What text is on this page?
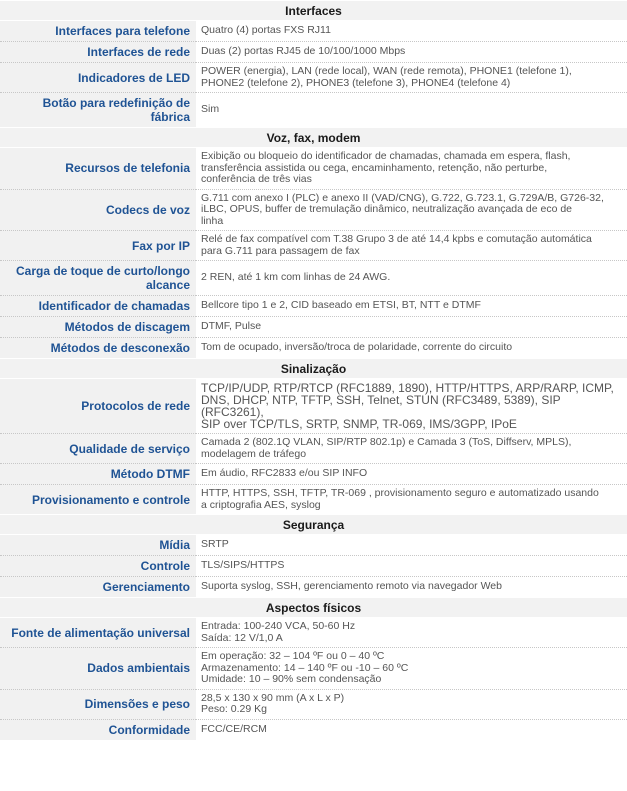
Interfaces	
Interfaces para telefone	Quatro (4) portas FXS RJ11

Interfaces de rede	Duas (2) portas RJ45 de 10/100/1000 Mbps

Indicadores de LED	POWER (energia), LAN (rede local), WAN (rede remota), PHONE1 (telefone 1),
PHONE2 (telefone 2), PHONE3 (telefone 3), PHONE4 (telefone 4)

Botão para redefinição de fábrica	Sim

Voz, fax, modem	
Recursos de telefonia	Exibição ou bloqueio do identificador de chamadas, chamada em espera, flash,
transferência assistida ou cega, encaminhamento, retenção, não perturbe,
conferência de três vias

Codecs de voz	G.711 com anexo I (PLC) e anexo II (VAD/CNG), G.722, G.723.1, G.729A/B, G726-32,
iLBC, OPUS, buffer de tremulação dinâmico, neutralização avançada de eco de
linha

Fax por IP	Relé de fax compatível com T.38 Grupo 3 de até 14,4 kpbs e comutação automática
para G.711 para passagem de fax

Carga de toque de curto/longo alcance	2 REN, até 1 km com linhas de 24 AWG.

Identificador de chamadas	Bellcore tipo 1 e 2, CID baseado em ETSI, BT, NTT e DTMF

Métodos de discagem	DTMF, Pulse

Métodos de desconexão	Tom de ocupado, inversão/troca de polaridade, corrente do circuito

Sinalização	
Protocolos de rede	TCP/IP/UDP, RTP/RTCP (RFC1889, 1890), HTTP/HTTPS, ARP/RARP, ICMP,
DNS, DHCP, NTP, TFTP, SSH, Telnet, STUN (RFC3489, 5389), SIP (RFC3261),
SIP over TCP/TLS, SRTP, SNMP, TR-069, IMS/3GPP, IPoE

Qualidade de serviço	Camada 2 (802.1Q VLAN, SIP/RTP 802.1p) e Camada 3 (ToS, Diffserv, MPLS),
modelagem de tráfego

Método DTMF	Em áudio, RFC2833 e/ou SIP INFO

Provisionamento e controle	HTTP, HTTPS, SSH, TFTP, TR-069 , provisionamento seguro e automatizado usando
a criptografia AES, syslog

Segurança	
Mídia	SRTP

Controle	TLS/SIPS/HTTPS

Gerenciamento	Suporta syslog, SSH, gerenciamento remoto via navegador Web

Aspectos físicos	
Fonte de alimentação universal	Entrada: 100-240 VCA, 50-60 Hz
Saída: 12 V/1,0 A

Dados ambientais	Em operação: 32 – 104 ºF ou 0 – 40 ºC
Armazenamento: 14 – 140 ºF ou -10 – 60 ºC
Umidade: 10 – 90% sem condensação

Dimensões e peso	28,5 x 130 x 90 mm (A x L x P)
Peso: 0.29 Kg

Conformidade	FCC/CE/RCM
